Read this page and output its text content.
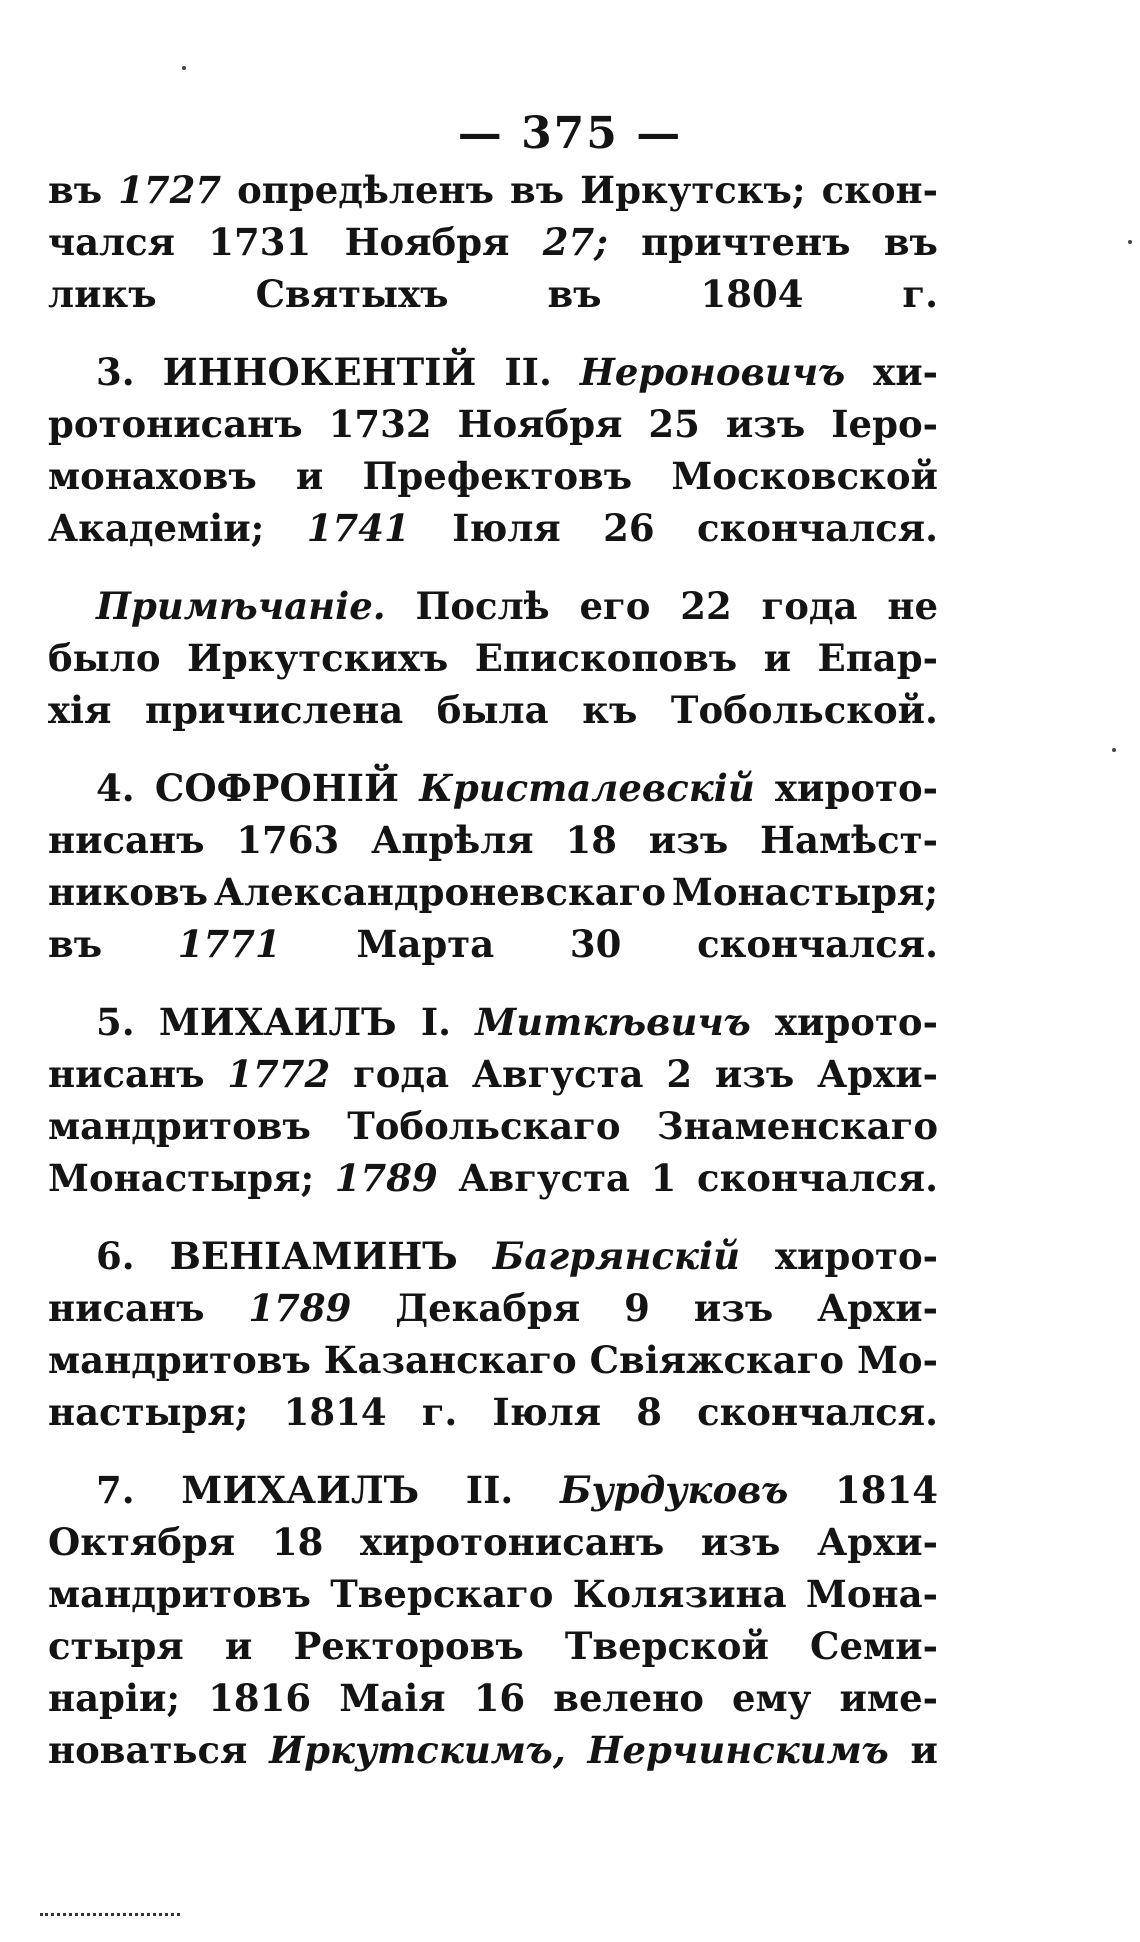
— 375 —
въ 1727 опредѣленъ въ Иркутскъ; скон-
чался 1731 Ноября 27; причтенъ въ
ликъ	Святыхъ	въ	1804	г.
3. ИННОКЕНТІЙ II. Нероновичъ хи-
ротонисанъ 1732 Ноября 25 изъ Іеро-
монаховъ и Префектовъ Московской
Академіи; 1741 Іюля 26 скончался.
Примѣчаніе. Послѣ его 22 года не
было Иркутскихъ Епископовъ и Епар-
хія причислена была къ Тобольской.
4. СОФРОНІЙ Кристалевскій хирото-
нисанъ 1763 Апрѣля 18 изъ Намѣст-
никовъ Александроневскаго Монастыря;
въ 1771 Марта 30 скончался.
5. МИХАИЛЪ I. Миткѣвичъ хирото-
нисанъ 1772 года Августа 2 изъ Архи-
мандритовъ Тобольскаго Знаменскаго
Монастыря; 1789 Августа 1 скончался.
6. ВЕНІАМИНЪ Багрянскій хирото-
нисанъ 1789 Декабря 9 изъ Архи-
мандритовъ Казанскаго Свіяжскаго Мо-
настыря; 1814 г. Іюля 8 скончался.
7. МИХАИЛЪ II. Бурдуковъ 1814
Октября 18 хиротонисанъ изъ Архи-
мандритовъ Тверскаго Колязина Мона-
стыря и Ректоровъ Тверской Семи-
наріи; 1816 Маія 16 велено ему име-
новаться Иркутскимъ, Нерчинскимъ и
